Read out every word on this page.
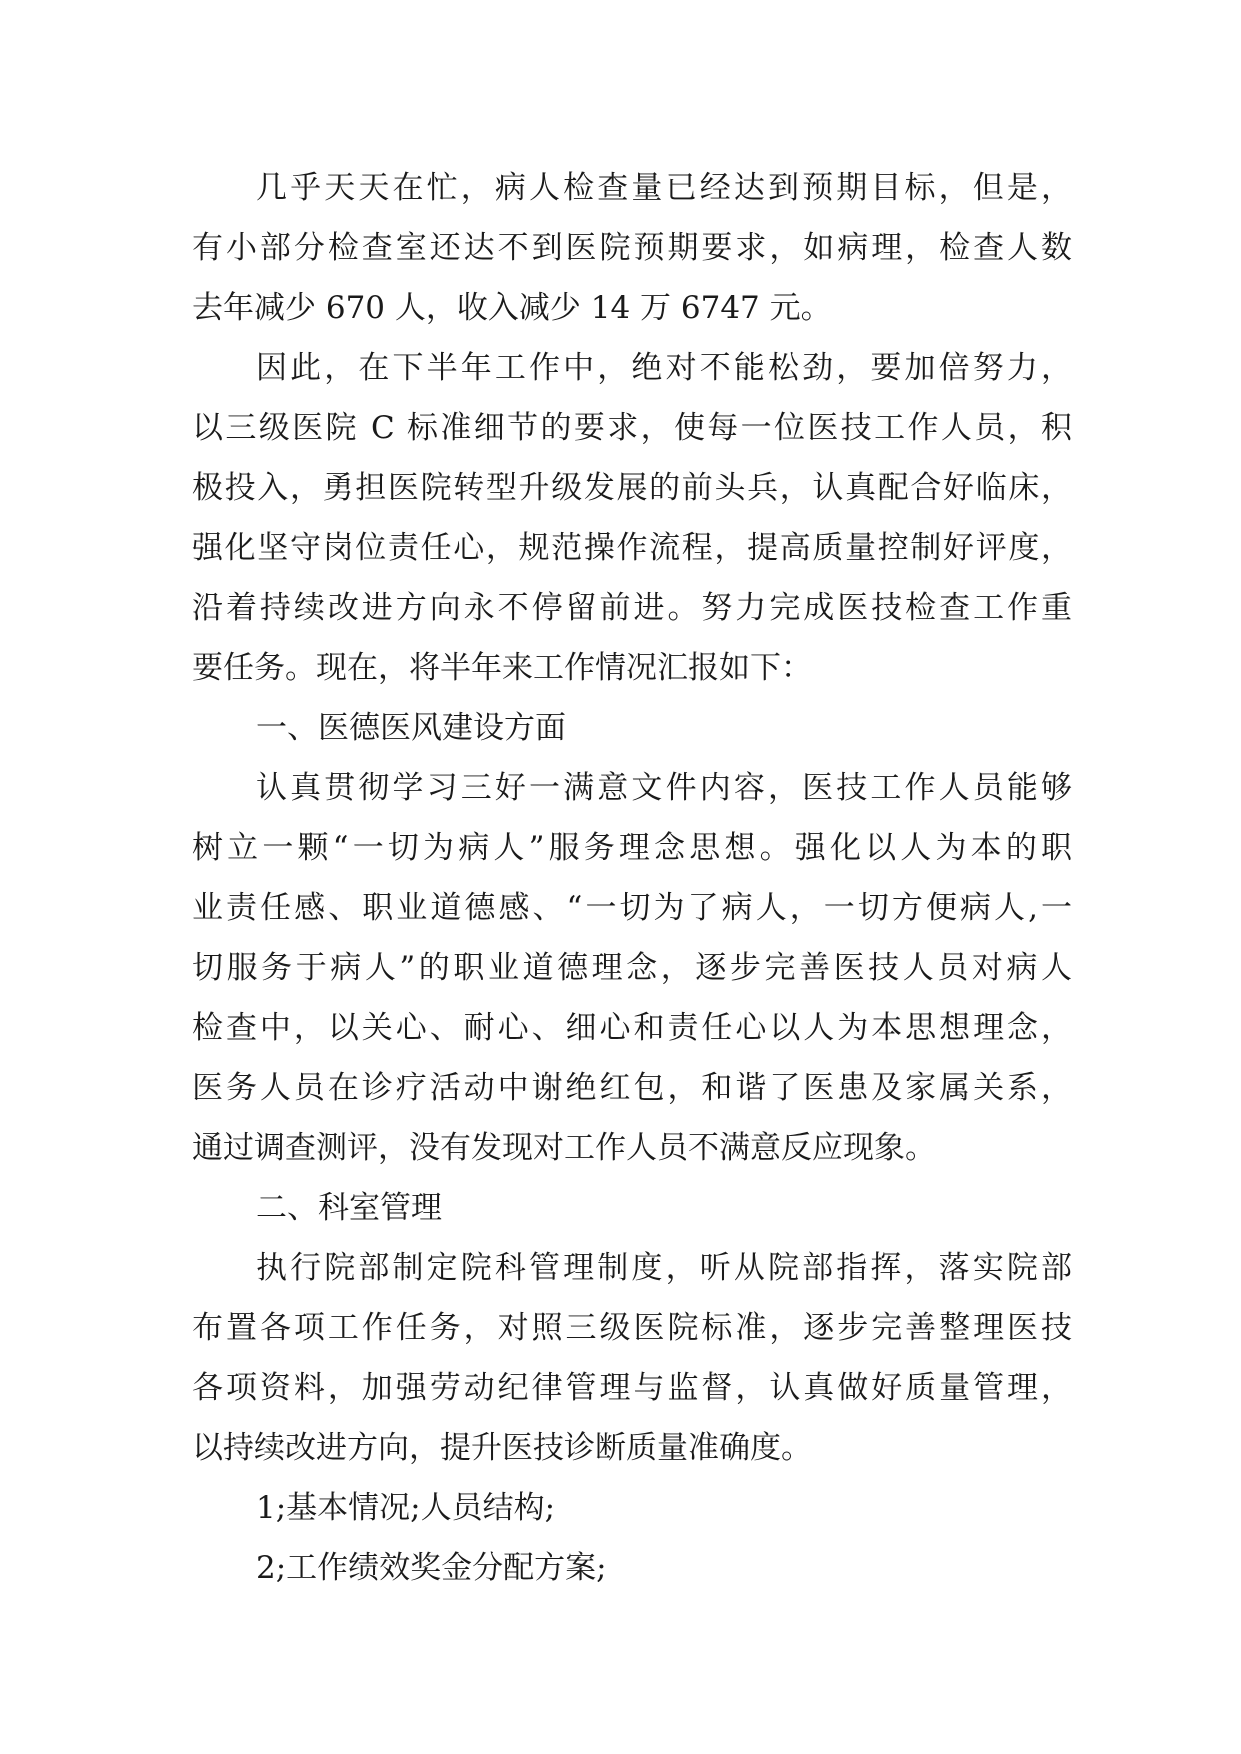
几乎天天在忙，病人检查量已经达到预期目标，但是，
有小部分检查室还达不到医院预期要求，如病理，检查人数
去年减少 670 人，收入减少 14 万 6747 元。
因此，在下半年工作中，绝对不能松劲，要加倍努力，
以三级医院 C 标准细节的要求，使每一位医技工作人员，积
极投入，勇担医院转型升级发展的前头兵，认真配合好临床，
强化坚守岗位责任心，规范操作流程，提高质量控制好评度，
沿着持续改进方向永不停留前进。努力完成医技检查工作重
要任务。现在，将半年来工作情况汇报如下：
一、医德医风建设方面
认真贯彻学习三好一满意文件内容，医技工作人员能够
树立一颗“一切为病人”服务理念思想。强化以人为本的职
业责任感、职业道德感、“一切为了病人，一切方便病人,一
切服务于病人”的职业道德理念，逐步完善医技人员对病人
检查中，以关心、耐心、细心和责任心以人为本思想理念，
医务人员在诊疗活动中谢绝红包，和谐了医患及家属关系，
通过调查测评，没有发现对工作人员不满意反应现象。
二、科室管理
执行院部制定院科管理制度，听从院部指挥，落实院部
布置各项工作任务，对照三级医院标准，逐步完善整理医技
各项资料，加强劳动纪律管理与监督，认真做好质量管理，
以持续改进方向，提升医技诊断质量准确度。
1;基本情况;人员结构;
2;工作绩效奖金分配方案;
